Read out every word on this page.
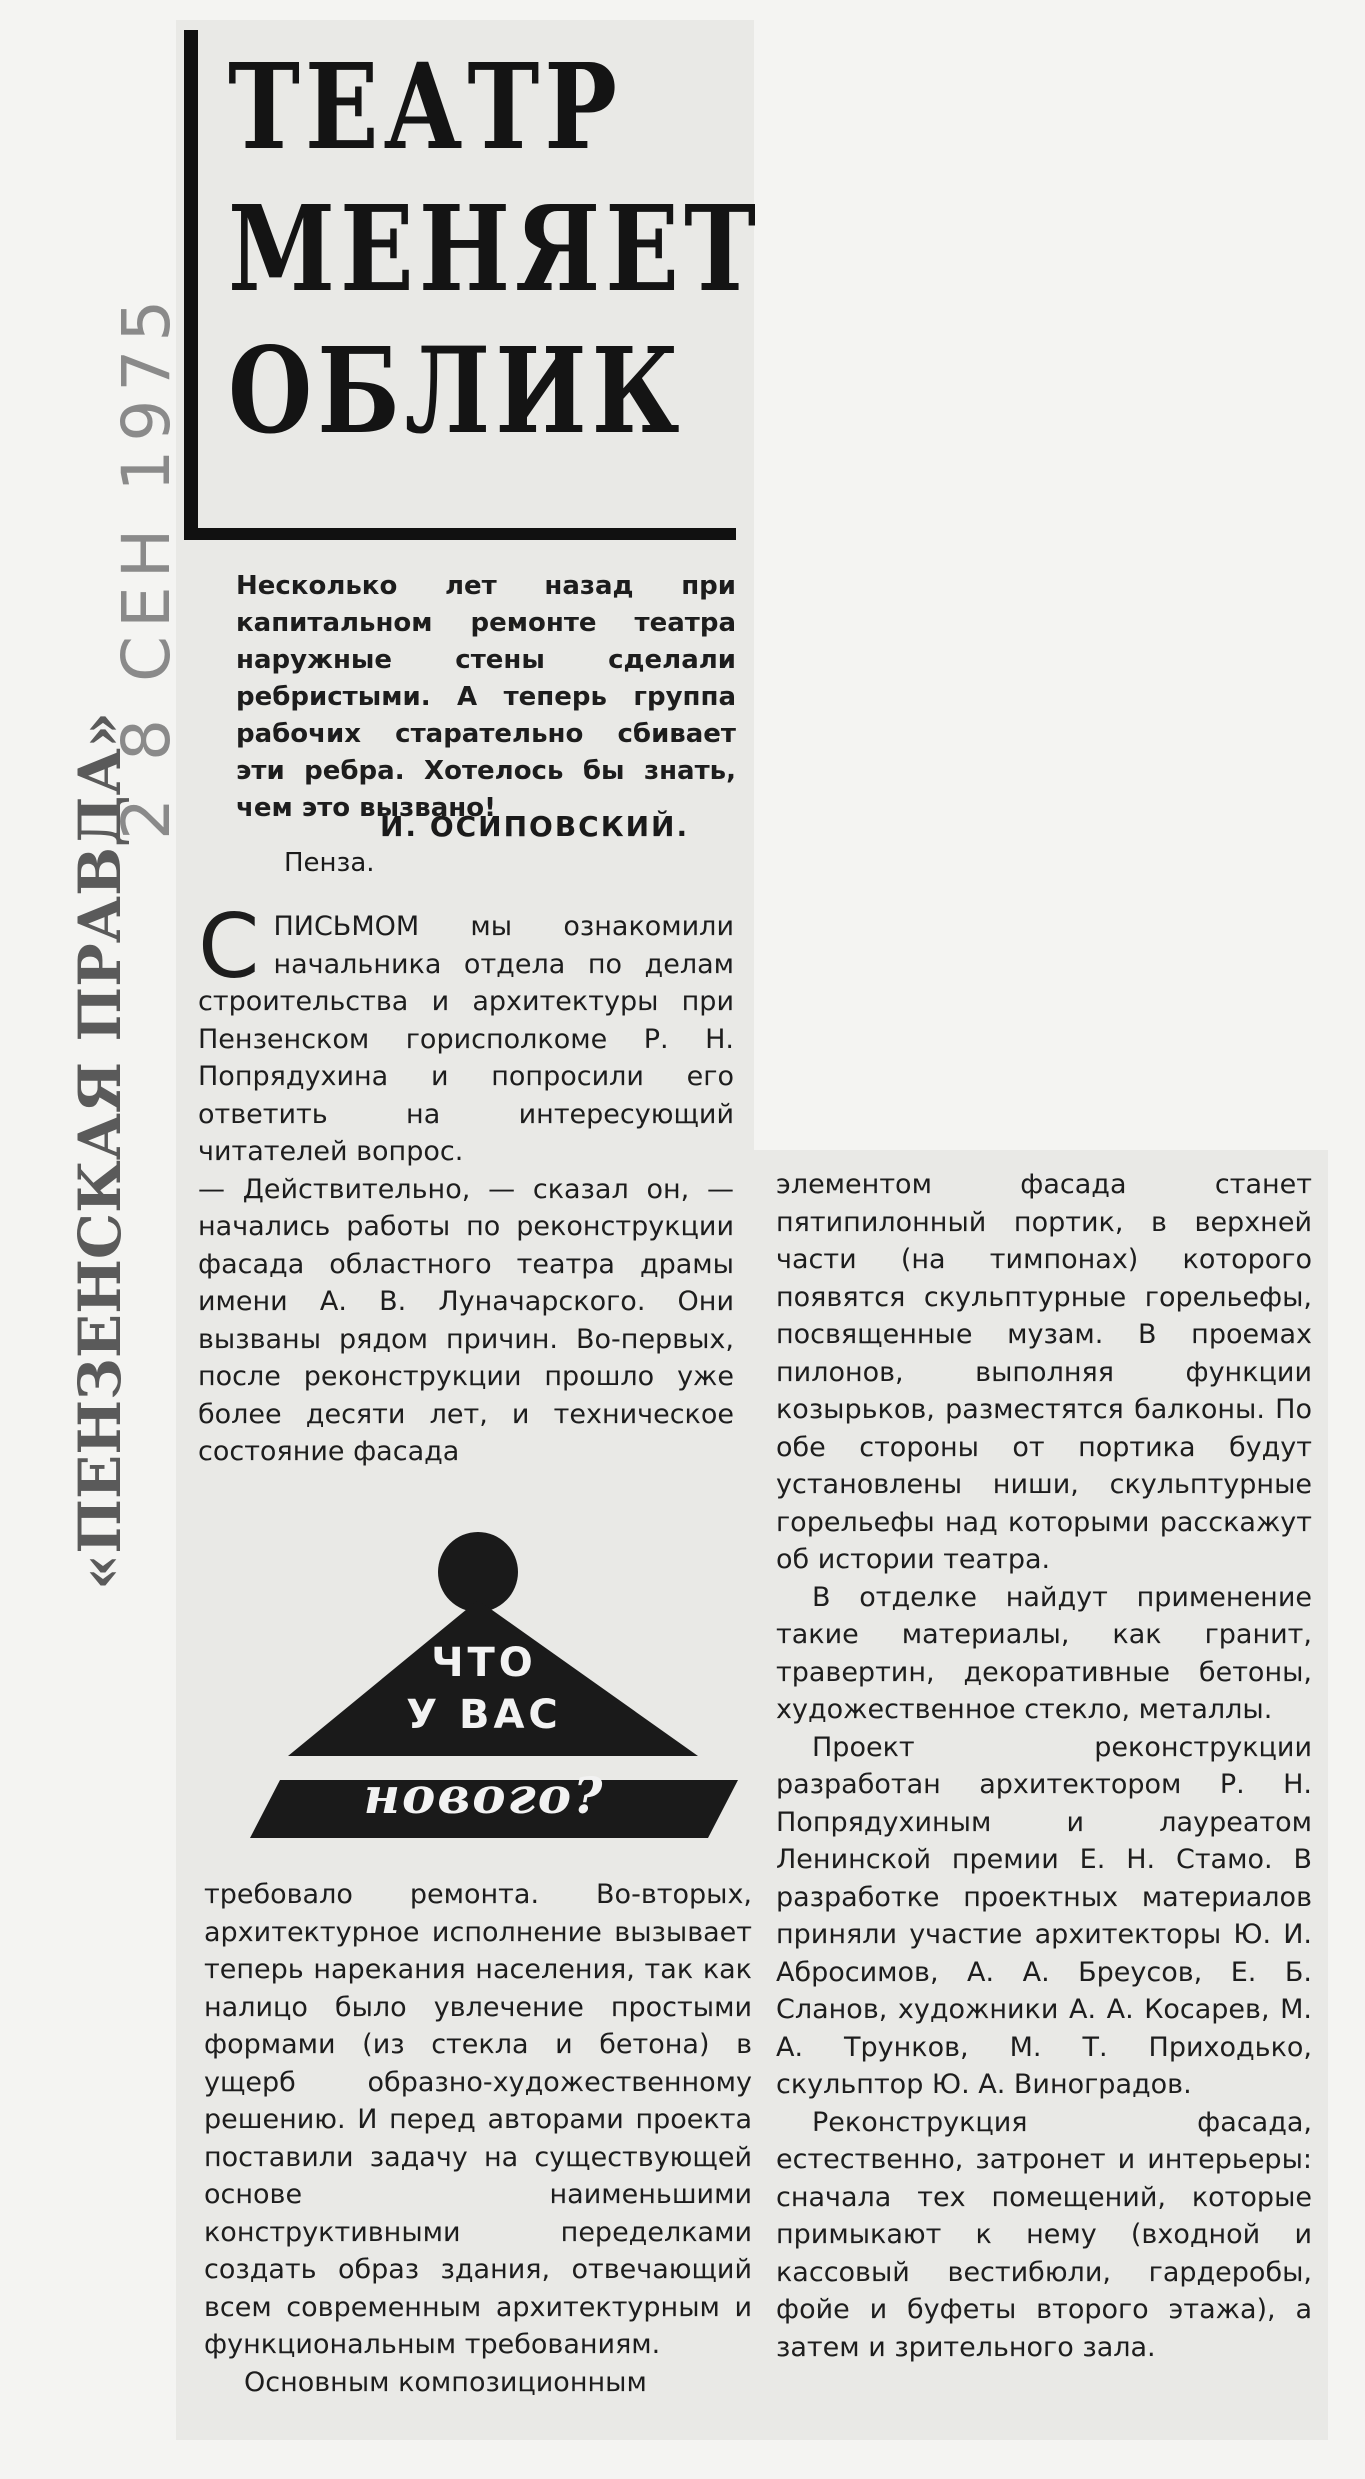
ТЕАТР
МЕНЯЕТ
ОБЛИК
Несколько лет назад при капитальном ремонте театра наружные стены сделали ребристыми. А теперь группа рабочих старательно сбивает эти ребра. Хотелось бы знать, чем это вызвано!
И. ОСИПОВСКИЙ.
Пенза.
2 8 СЕН 1975
«ПЕНЗЕНСКАЯ ПРАВДА» СПИСЬМОМ мы ознакомили начальника отдела по делам строительства и архитектуры при Пензенском горисполкоме Р. Н. Попрядухина и попросили его ответить на интересующий читателей вопрос.

— Действительно, — сказал он, — начались работы по реконструкции фасада областного театра драмы имени А. В. Луначарского. Они вызваны рядом причин. Во-первых, после реконструкции прошло уже более десяти лет, и техническое состояние фасада

ЧТО
У ВАС
нового?

требовало ремонта. Во-вторых, архитектурное исполнение вызывает теперь нарекания населения, так как налицо было увлечение простыми формами (из стекла и бетона) в ущерб образно-художественному решению. И перед авторами проекта поставили задачу на существующей основе наименьшими конструктивными переделками создать образ здания, отвечающий всем современным архитектурным и функциональным требованиям.

Основным композиционным

элементом фасада станет пятипилонный портик, в верхней части (на тимпонах) которого появятся скульптурные горельефы, посвященные музам. В проемах пилонов, выполняя функции козырьков, разместятся балконы. По обе стороны от портика будут установлены ниши, скульптурные горельефы над которыми расскажут об истории театра.

В отделке найдут применение такие материалы, как гранит, травертин, декоративные бетоны, художественное стекло, металлы.

Проект реконструкции разработан архитектором Р. Н. Попрядухиным и лауреатом Ленинской премии Е. Н. Стамо. В разработке проектных материалов приняли участие архитекторы Ю. И. Абросимов, А. А. Бреусов, Е. Б. Сланов, художники А. А. Косарев, М. А. Трунков, М. Т. Приходько, скульптор Ю. А. Виноградов.

Реконструкция фасада, естественно, затронет и интерьеры: сначала тех помещений, которые примыкают к нему (входной и кассовый вестибюли, гардеробы, фойе и буфеты второго этажа), а затем и зрительного зала.
